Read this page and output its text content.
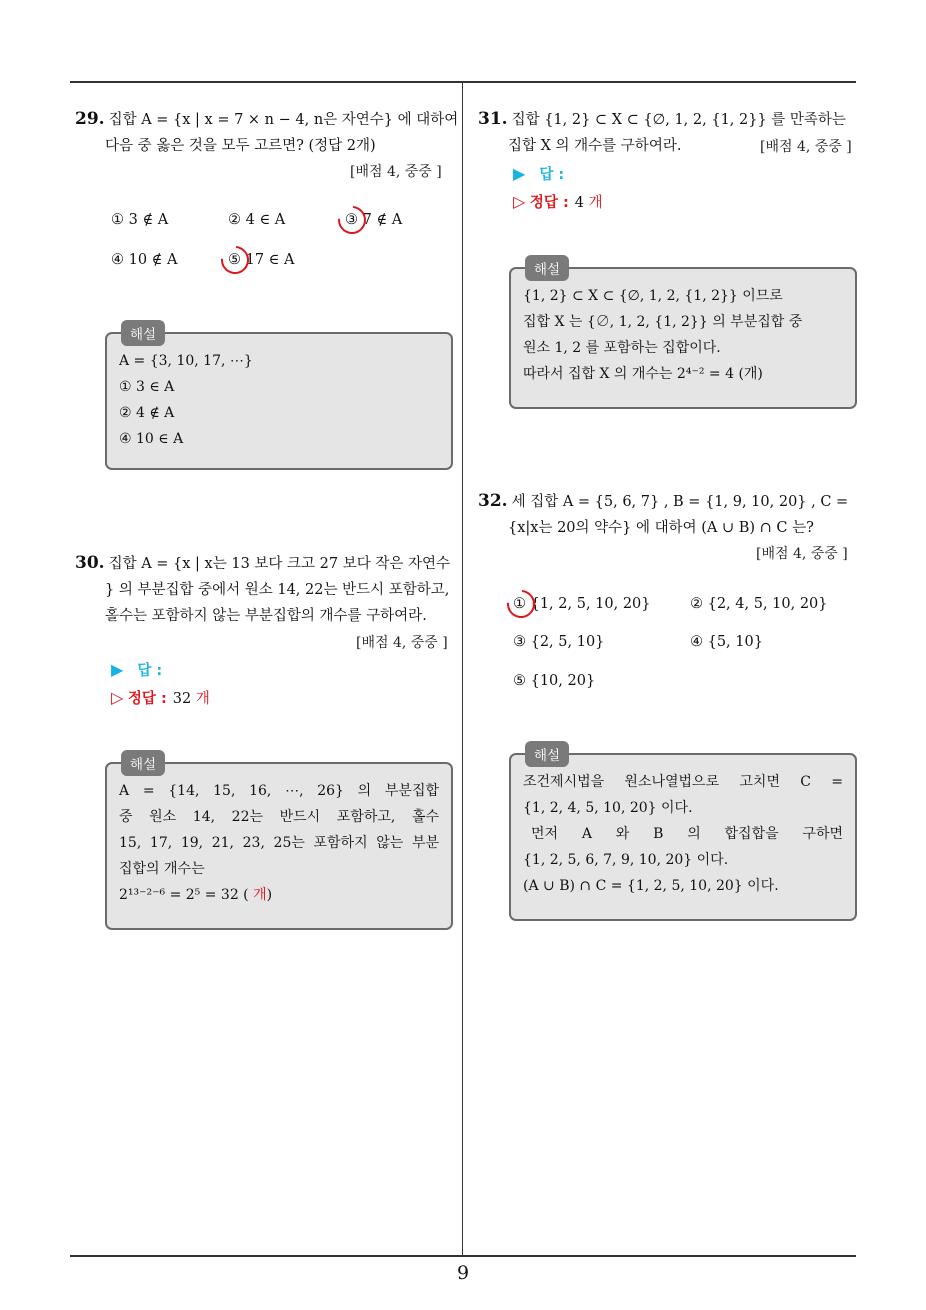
9
29. 집합 A = {x | x = 7 × n − 4, n은 자연수} 에 대하여
다음 중 옳은 것을 모두 고르면? (정답 2개)
[배점 4, 중중 ]
① 3 ∉ A	② 4 ∈ A	③ 7 ∉ A
④ 10 ∉ A	⑤ 17 ∈ A
해설
A = {3, 10, 17, ⋯}
① 3 ∈ A
② 4 ∉ A
④ 10 ∈ A
30. 집합 A = {x | x는 13 보다 크고 27 보다 작은 자연수
} 의 부분집합 중에서 원소 14, 22는 반드시 포함하고,
홀수는 포함하지 않는 부분집합의 개수를 구하여라.
[배점 4, 중중 ]
▶ 답 :
▷ 정답 : 32 개
해설
A = {14, 15, 16, ⋯, 26} 의 부분집합
중 원소 14, 22는 반드시 포함하고, 홀수
15, 17, 19, 21, 23, 25는 포함하지 않는 부분
집합의 개수는
2¹³⁻²⁻⁶ = 2⁵ = 32 ( 개)
31. 집합 {1, 2} ⊂ X ⊂ {∅, 1, 2, {1, 2}} 를 만족하는
집합 X 의 개수를 구하여라.	[배점 4, 중중 ]
▶ 답 :
▷ 정답 : 4 개
해설
{1, 2} ⊂ X ⊂ {∅, 1, 2, {1, 2}} 이므로
집합 X 는 {∅, 1, 2, {1, 2}} 의 부분집합 중
원소 1, 2 를 포함하는 집합이다.
따라서 집합 X 의 개수는 2⁴⁻² = 4 (개)
32. 세 집합 A = {5, 6, 7} , B = {1, 9, 10, 20} , C =
{x|x는 20의 약수} 에 대하여 (A ∪ B) ∩ C 는?
[배점 4, 중중 ]
① {1, 2, 5, 10, 20}	② {2, 4, 5, 10, 20}
③ {2, 5, 10}	④ {5, 10}
⑤ {10, 20}
해설
조건제시법을 원소나열법으로 고치면 C =
{1, 2, 4, 5, 10, 20} 이다.
먼저 A 와 B 의 합집합을 구하면
{1, 2, 5, 6, 7, 9, 10, 20} 이다.
(A ∪ B) ∩ C = {1, 2, 5, 10, 20} 이다.
